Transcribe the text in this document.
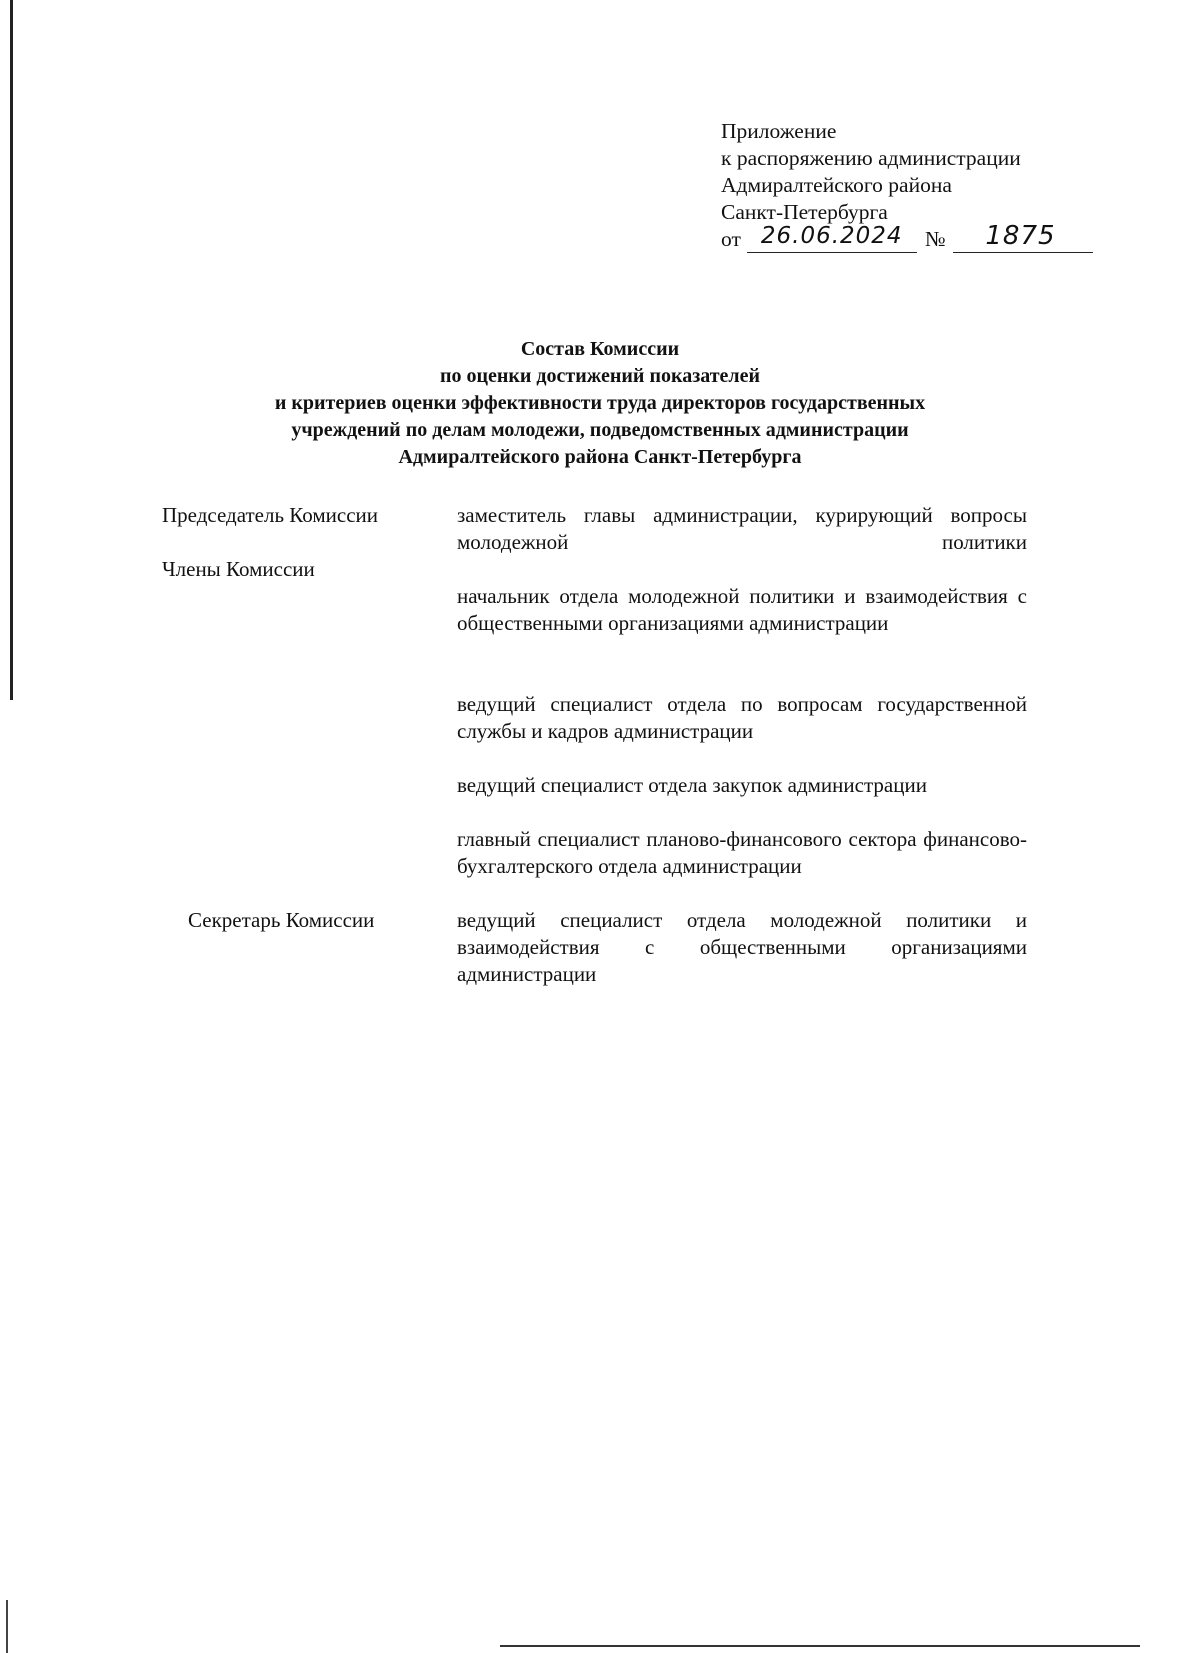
Приложение
к распоряжению администрации
Адмиралтейского района
Санкт-Петербурга
от 26.06.2024 № 1875
Состав Комиссии
по оценки достижений показателей
и критериев оценки эффективности труда директоров государственных
учреждений по делам молодежи, подведомственных администрации
Адмиралтейского района Санкт-Петербурга
Председатель Комиссии	заместитель главы администрации, курирующий вопросы молодежной политики
Члены Комиссии
начальник отдела молодежной политики и взаимодействия с общественными организациями администрации
ведущий специалист отдела по вопросам государственной службы и кадров администрации
ведущий специалист отдела закупок администрации
главный специалист планово-финансового сектора финансово-бухгалтерского отдела администрации
Секретарь Комиссии	ведущий специалист отдела молодежной политики и взаимодействия с общественными организациями администрации
